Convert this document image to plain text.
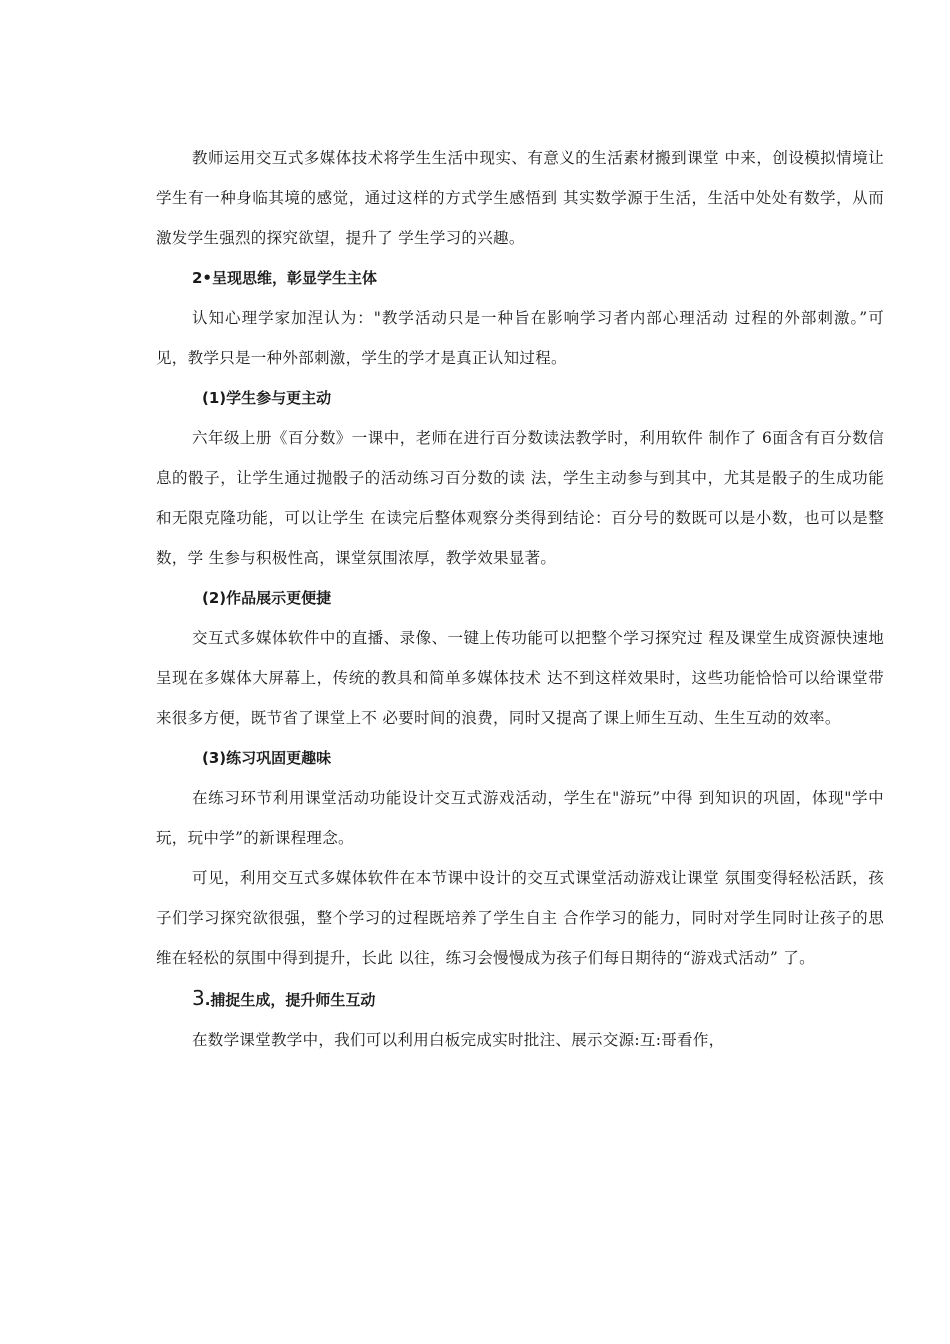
教师运用交互式多媒体技术将学生生活中现实、有意义的生活素材搬到课堂 中来，创设模拟情境让学生有一种身临其境的感觉，通过这样的方式学生感悟到 其实数学源于生活，生活中处处有数学，从而激发学生强烈的探究欲望，提升了 学生学习的兴趣。

2•呈现思维，彰显学生主体

认知心理学家加涅认为："教学活动只是一种旨在影响学习者内部心理活动 过程的外部刺激。”可见，教学只是一种外部刺激，学生的学才是真正认知过程。

(1)学生参与更主动

六年级上册《百分数》一课中，老师在进行百分数读法教学时，利用软件 制作了 6面含有百分数信息的骰子，让学生通过抛骰子的活动练习百分数的读 法，学生主动参与到其中，尤其是骰子的生成功能和无限克隆功能，可以让学生 在读完后整体观察分类得到结论：百分号的数既可以是小数，也可以是整数，学 生参与积极性高，课堂氛围浓厚，教学效果显著。

(2)作品展示更便捷

交互式多媒体软件中的直播、录像、一键上传功能可以把整个学习探究过 程及课堂生成资源快速地呈现在多媒体大屏幕上，传统的教具和简单多媒体技术 达不到这样效果时，这些功能恰恰可以给课堂带来很多方便，既节省了课堂上不 必要时间的浪费，同时又提高了课上师生互动、生生互动的效率。

(3)练习巩固更趣味

在练习环节利用课堂活动功能设计交互式游戏活动，学生在"游玩”中得 到知识的巩固，体现"学中玩，玩中学”的新课程理念。

可见，利用交互式多媒体软件在本节课中设计的交互式课堂活动游戏让课堂 氛围变得轻松活跃，孩子们学习探究欲很强，整个学习的过程既培养了学生自主 合作学习的能力，同时对学生同时让孩子的思维在轻松的氛围中得到提升，长此 以往，练习会慢慢成为孩子们每日期待的“游戏式活动” 了。

3.捕捉生成，提升师生互动

在数学课堂教学中，我们可以利用白板完成实时批注、展示交源:互:哥看作，
